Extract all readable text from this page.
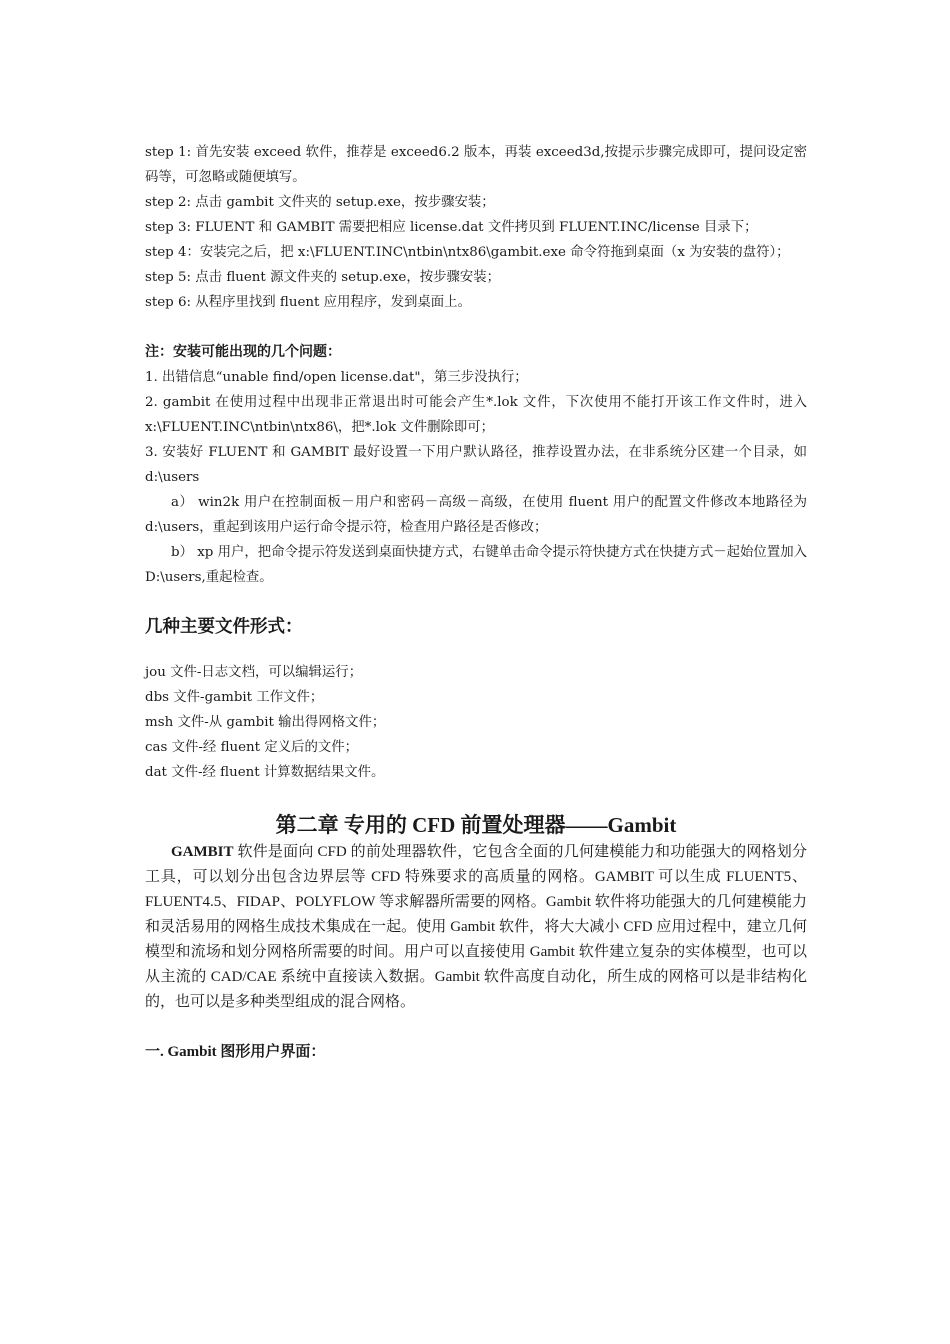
step 1: 首先安装 exceed 软件，推荐是 exceed6.2 版本，再装 exceed3d,按提示步骤完成即可，提问设定密码等，可忽略或随便填写。

step 2: 点击 gambit 文件夹的 setup.exe，按步骤安装；

step 3: FLUENT 和 GAMBIT 需要把相应 license.dat 文件拷贝到 FLUENT.INC/license 目录下；

step 4：安装完之后，把 x:\FLUENT.INC\ntbin\ntx86\gambit.exe 命令符拖到桌面（x 为安装的盘符）；

step 5: 点击 fluent 源文件夹的 setup.exe，按步骤安装；

step 6: 从程序里找到 fluent 应用程序，发到桌面上。

注：安装可能出现的几个问题：

1. 出错信息“unable find/open license.dat"，第三步没执行；

2. gambit 在使用过程中出现非正常退出时可能会产生*.lok 文件，下次使用不能打开该工作文件时，进入 x:\FLUENT.INC\ntbin\ntx86\，把*.lok 文件删除即可；

3. 安装好 FLUENT 和 GAMBIT 最好设置一下用户默认路径，推荐设置办法，在非系统分区建一个目录，如 d:\users

a） win2k 用户在控制面板－用户和密码－高级－高级，在使用 fluent 用户的配置文件修改本地路径为 d:\users，重起到该用户运行命令提示符，检查用户路径是否修改；

b） xp 用户，把命令提示符发送到桌面快捷方式，右键单击命令提示符快捷方式在快捷方式－起始位置加入 D:\users,重起检查。

几种主要文件形式：

jou 文件-日志文档，可以编辑运行；

dbs 文件-gambit 工作文件；

msh 文件-从 gambit 输出得网格文件；

cas 文件-经 fluent 定义后的文件；

dat 文件-经 fluent 计算数据结果文件。

第二章 专用的 CFD 前置处理器——Gambit

GAMBIT 软件是面向 CFD 的前处理器软件，它包含全面的几何建模能力和功能强大的网格划分工具，可以划分出包含边界层等 CFD 特殊要求的高质量的网格。GAMBIT 可以生成 FLUENT5、FLUENT4.5、FIDAP、POLYFLOW 等求解器所需要的网格。Gambit 软件将功能强大的几何建模能力和灵活易用的网格生成技术集成在一起。使用 Gambit 软件，将大大减小 CFD 应用过程中，建立几何模型和流场和划分网格所需要的时间。用户可以直接使用 Gambit 软件建立复杂的实体模型，也可以从主流的 CAD/CAE 系统中直接读入数据。Gambit 软件高度自动化，所生成的网格可以是非结构化的，也可以是多种类型组成的混合网格。

一. Gambit 图形用户界面：
